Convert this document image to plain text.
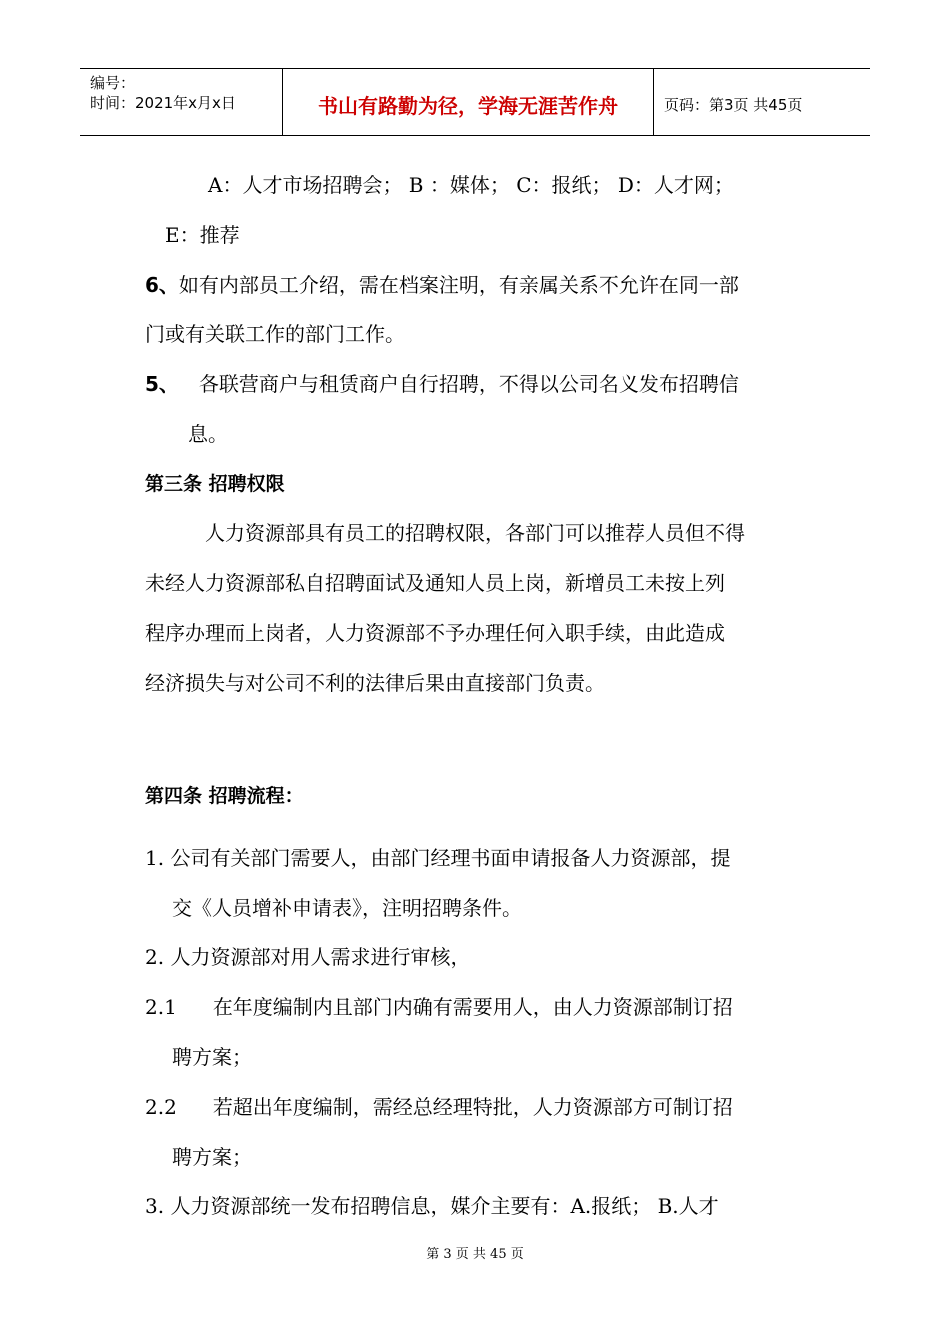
编号：
时间：2021年x月x日	书山有路勤为径，学海无涯苦作舟	页码：第3页 共45页
A：人才市场招聘会； B ：媒体； C：报纸； D：人才网；
E：推荐
6、如有内部员工介绍，需在档案注明，有亲属关系不允许在同一部
门或有关联工作的部门工作。
5、 各联营商户与租赁商户自行招聘，不得以公司名义发布招聘信
息。
第三条 招聘权限
人力资源部具有员工的招聘权限，各部门可以推荐人员但不得
未经人力资源部私自招聘面试及通知人员上岗，新增员工未按上列
程序办理而上岗者，人力资源部不予办理任何入职手续，由此造成
经济损失与对公司不利的法律后果由直接部门负责。
第四条 招聘流程：
1. 公司有关部门需要人，由部门经理书面申请报备人力资源部，提
交《人员增补申请表》，注明招聘条件。
2. 人力资源部对用人需求进行审核，
2.1 在年度编制内且部门内确有需要用人，由人力资源部制订招
聘方案；
2.2 若超出年度编制，需经总经理特批，人力资源部方可制订招
聘方案；
3. 人力资源部统一发布招聘信息，媒介主要有：A.报纸； B.人才
第 3 页 共 45 页
